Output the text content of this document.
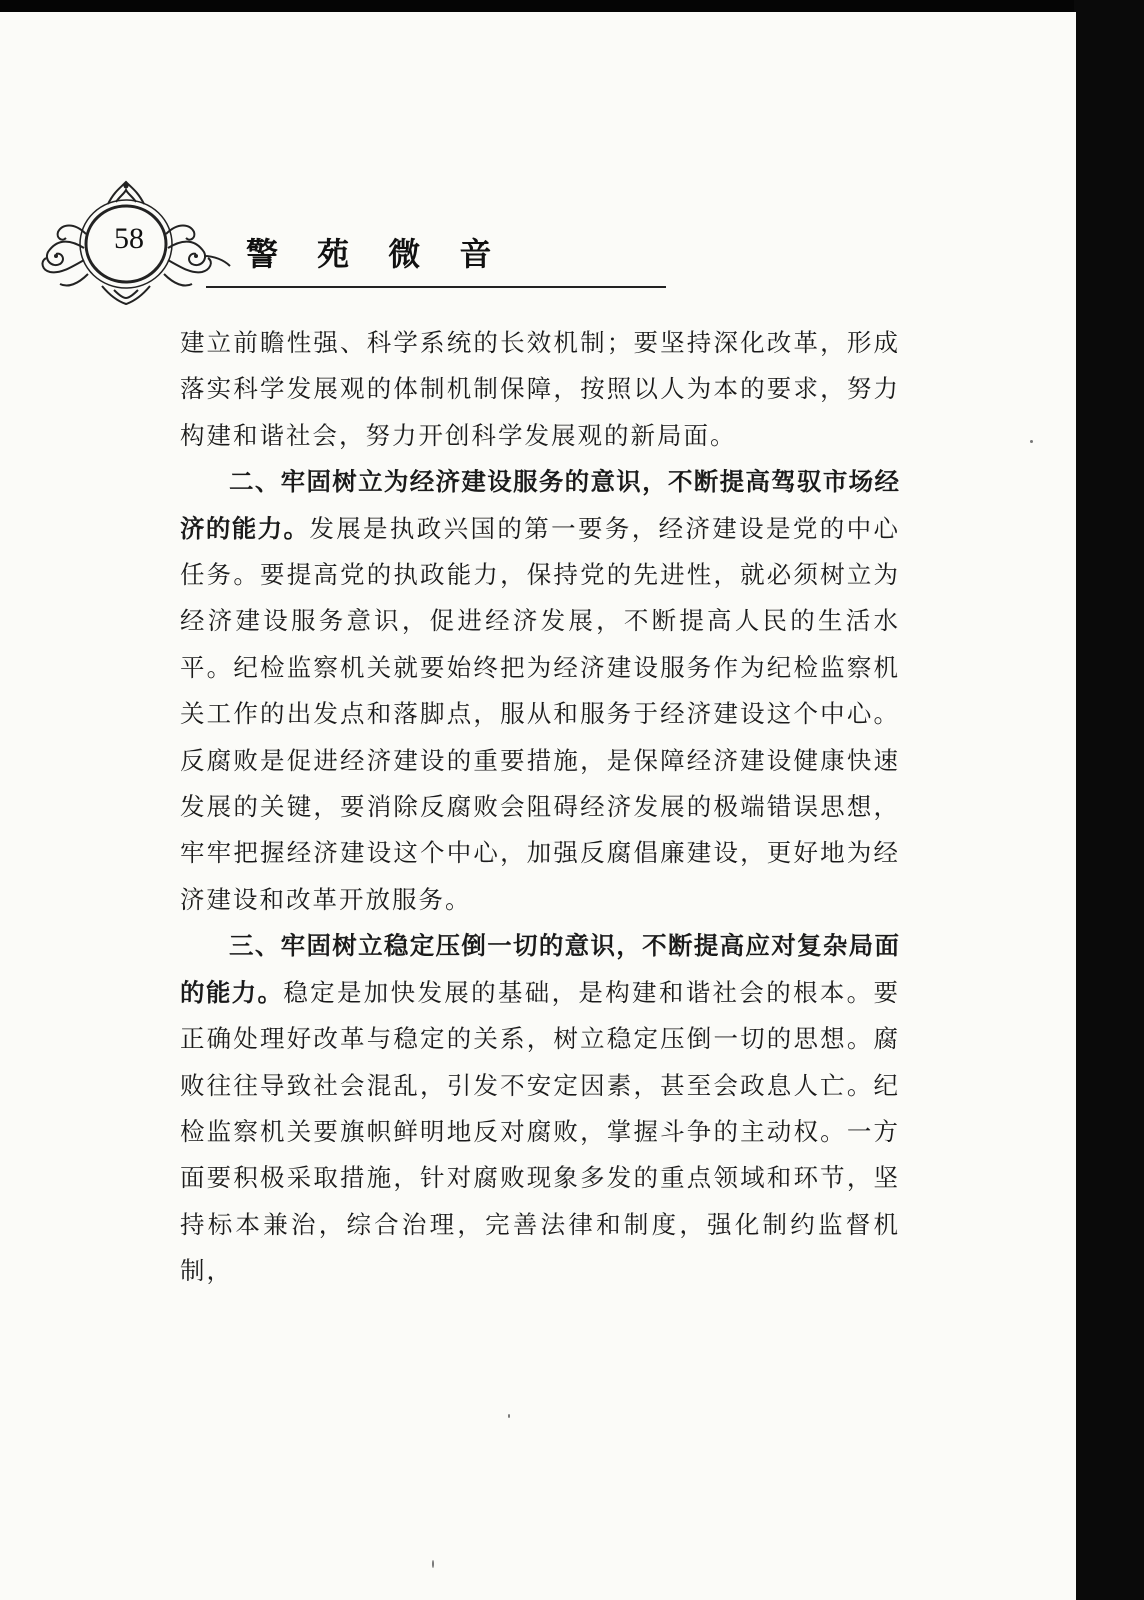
58	警 苑 微 音

建立前瞻性强、科学系统的长效机制；要坚持深化改革，形成落实科学发展观的体制机制保障，按照以人为本的要求，努力构建和谐社会，努力开创科学发展观的新局面。

二、牢固树立为经济建设服务的意识，不断提高驾驭市场经济的能力。发展是执政兴国的第一要务，经济建设是党的中心任务。要提高党的执政能力，保持党的先进性，就必须树立为经济建设服务意识，促进经济发展，不断提高人民的生活水平。纪检监察机关就要始终把为经济建设服务作为纪检监察机关工作的出发点和落脚点，服从和服务于经济建设这个中心。反腐败是促进经济建设的重要措施，是保障经济建设健康快速发展的关键，要消除反腐败会阻碍经济发展的极端错误思想，牢牢把握经济建设这个中心，加强反腐倡廉建设，更好地为经济建设和改革开放服务。

三、牢固树立稳定压倒一切的意识，不断提高应对复杂局面的能力。稳定是加快发展的基础，是构建和谐社会的根本。要正确处理好改革与稳定的关系，树立稳定压倒一切的思想。腐败往往导致社会混乱，引发不安定因素，甚至会政息人亡。纪检监察机关要旗帜鲜明地反对腐败，掌握斗争的主动权。一方面要积极采取措施，针对腐败现象多发的重点领域和环节，坚持标本兼治，综合治理，完善法律和制度，强化制约监督机制，
